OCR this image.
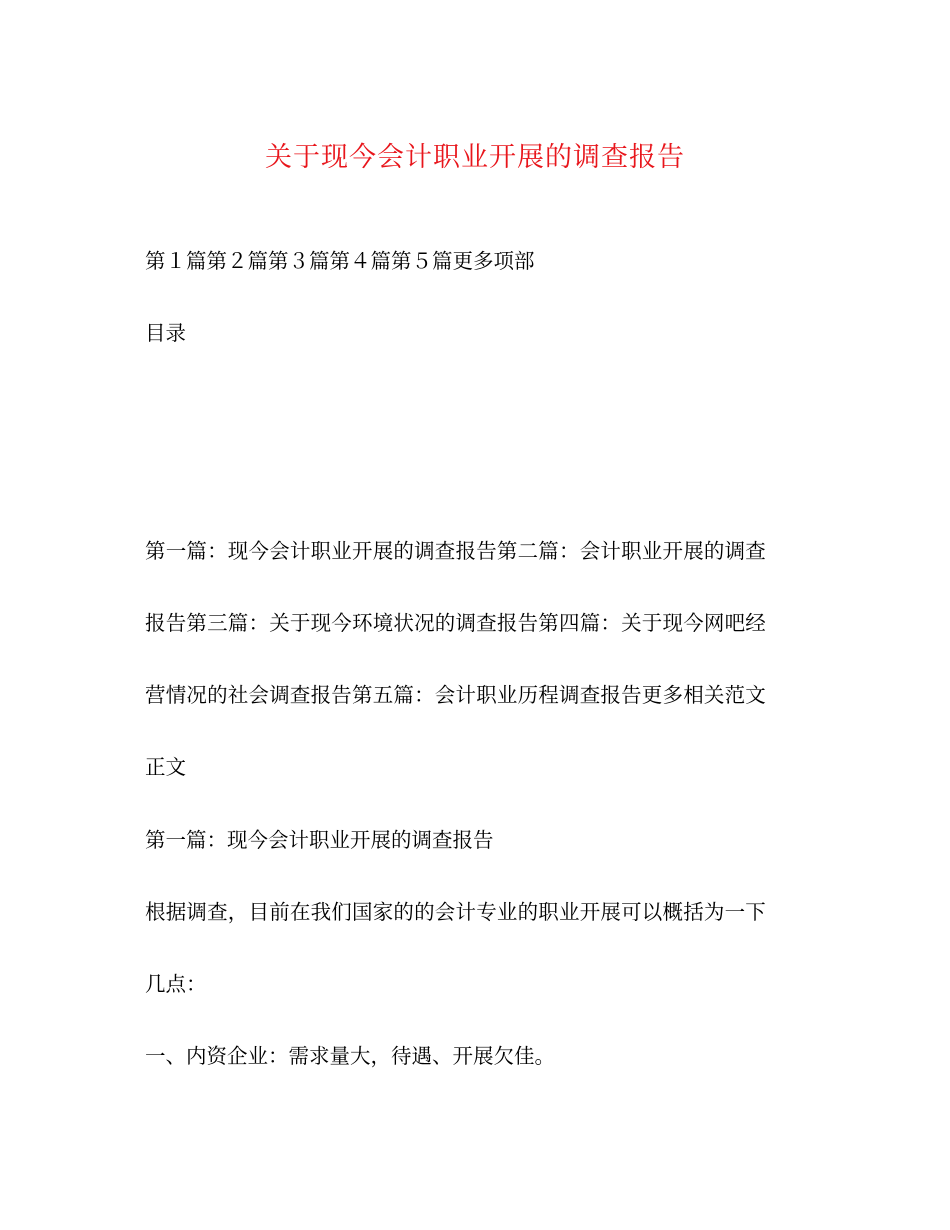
关于现今会计职业开展的调查报告
第１篇第２篇第３篇第４篇第５篇更多项部
目录
第一篇：现今会计职业开展的调查报告第二篇：会计职业开展的调查
报告第三篇：关于现今环境状况的调查报告第四篇：关于现今网吧经
营情况的社会调查报告第五篇：会计职业历程调查报告更多相关范文
正文
第一篇：现今会计职业开展的调查报告
根据调查，目前在我们国家的的会计专业的职业开展可以概括为一下
几点：
一、内资企业：需求量大，待遇、开展欠佳。
